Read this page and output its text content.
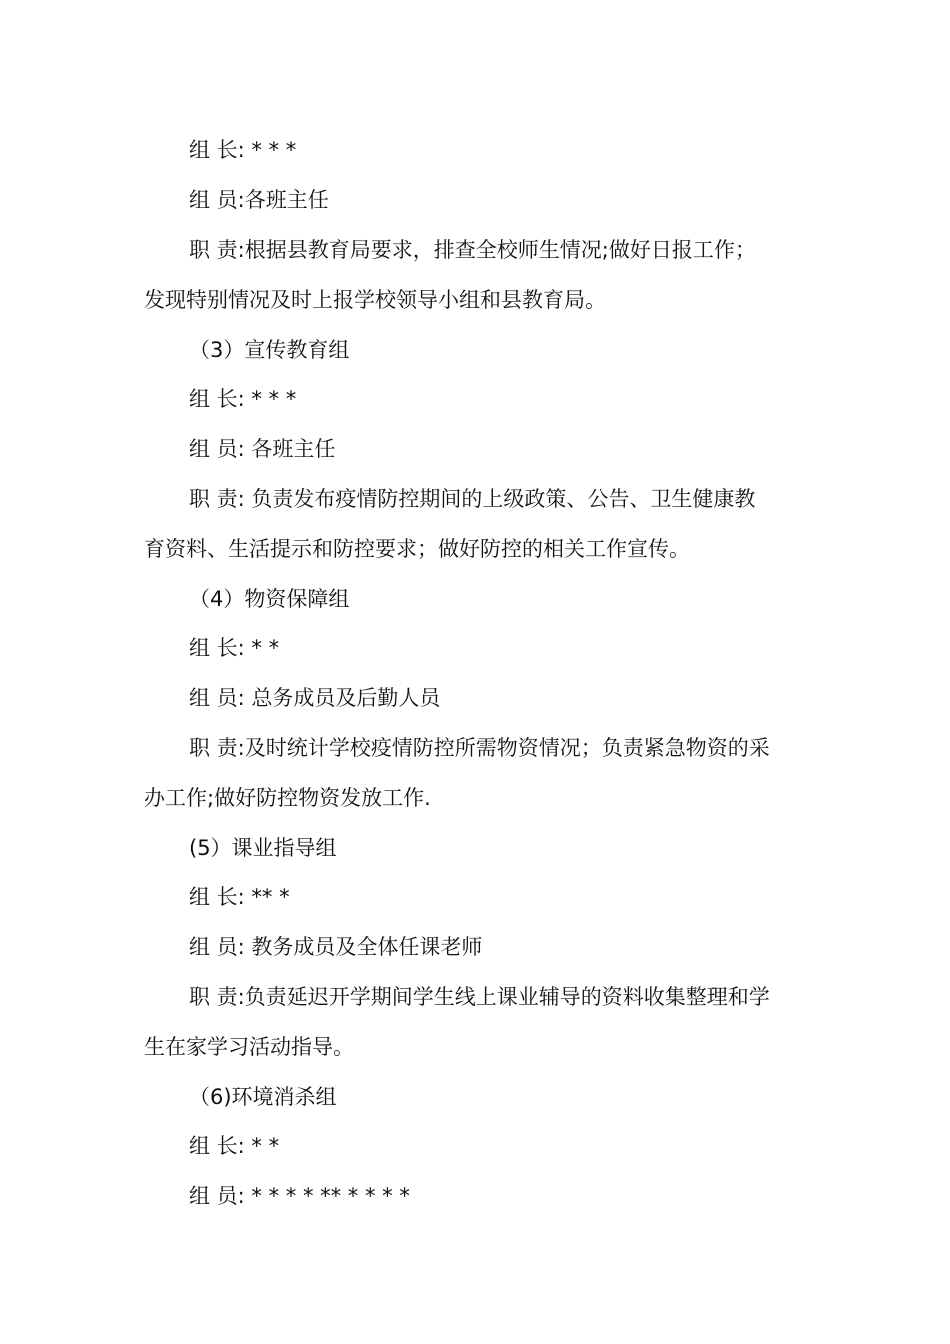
组 长: * * *
组 员:各班主任
职 责:根据县教育局要求，排查全校师生情况;做好日报工作；
发现特别情况及时上报学校领导小组和县教育局。
（3）宣传教育组
组 长: * * *
组 员: 各班主任
职 责: 负责发布疫情防控期间的上级政策、公告、卫生健康教
育资料、生活提示和防控要求；做好防控的相关工作宣传。
（4）物资保障组
组 长: * *
组 员: 总务成员及后勤人员
职 责:及时统计学校疫情防控所需物资情况；负责紧急物资的采
办工作;做好防控物资发放工作.
(5）课业指导组
组 长: ** *
组 员: 教务成员及全体任课老师
职 责:负责延迟开学期间学生线上课业辅导的资料收集整理和学
生在家学习活动指导。
（6)环境消杀组
组 长: * *
组 员: * * * * ** * * * *
